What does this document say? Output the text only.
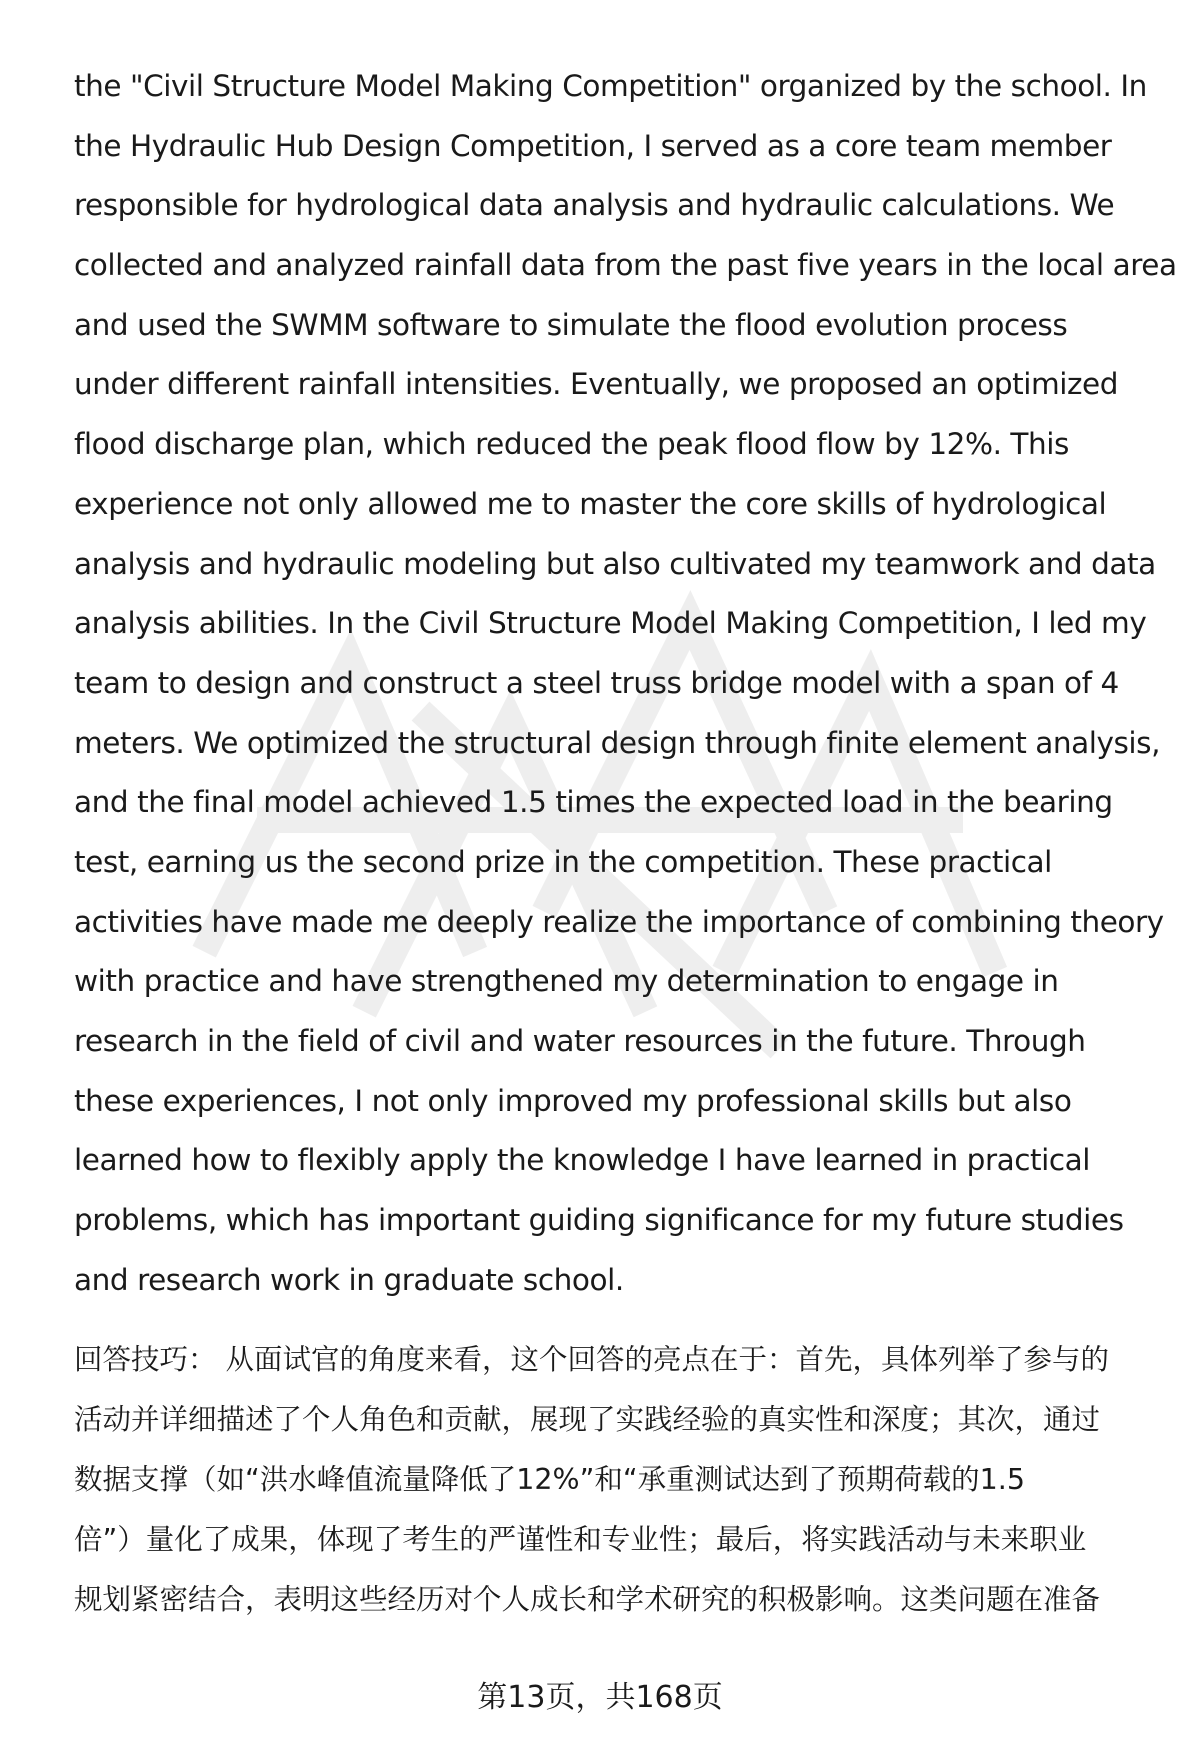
the "Civil Structure Model Making Competition" organized by the school. In
the Hydraulic Hub Design Competition, I served as a core team member
responsible for hydrological data analysis and hydraulic calculations. We
collected and analyzed rainfall data from the past five years in the local area
and used the SWMM software to simulate the flood evolution process
under different rainfall intensities. Eventually, we proposed an optimized
flood discharge plan, which reduced the peak flood flow by 12%. This
experience not only allowed me to master the core skills of hydrological
analysis and hydraulic modeling but also cultivated my teamwork and data
analysis abilities. In the Civil Structure Model Making Competition, I led my
team to design and construct a steel truss bridge model with a span of 4
meters. We optimized the structural design through finite element analysis,
and the final model achieved 1.5 times the expected load in the bearing
test, earning us the second prize in the competition. These practical
activities have made me deeply realize the importance of combining theory
with practice and have strengthened my determination to engage in
research in the field of civil and water resources in the future. Through
these experiences, I not only improved my professional skills but also
learned how to flexibly apply the knowledge I have learned in practical
problems, which has important guiding significance for my future studies
and research work in graduate school.

回答技巧： 从面试官的角度来看，这个回答的亮点在于：首先，具体列举了参与的
活动并详细描述了个人角色和贡献，展现了实践经验的真实性和深度；其次，通过
数据支撑（如“洪水峰值流量降低了12%”和“承重测试达到了预期荷载的1.5
倍”）量化了成果，体现了考生的严谨性和专业性；最后，将实践活动与未来职业
规划紧密结合，表明这些经历对个人成长和学术研究的积极影响。这类问题在准备

第13页，共168页
